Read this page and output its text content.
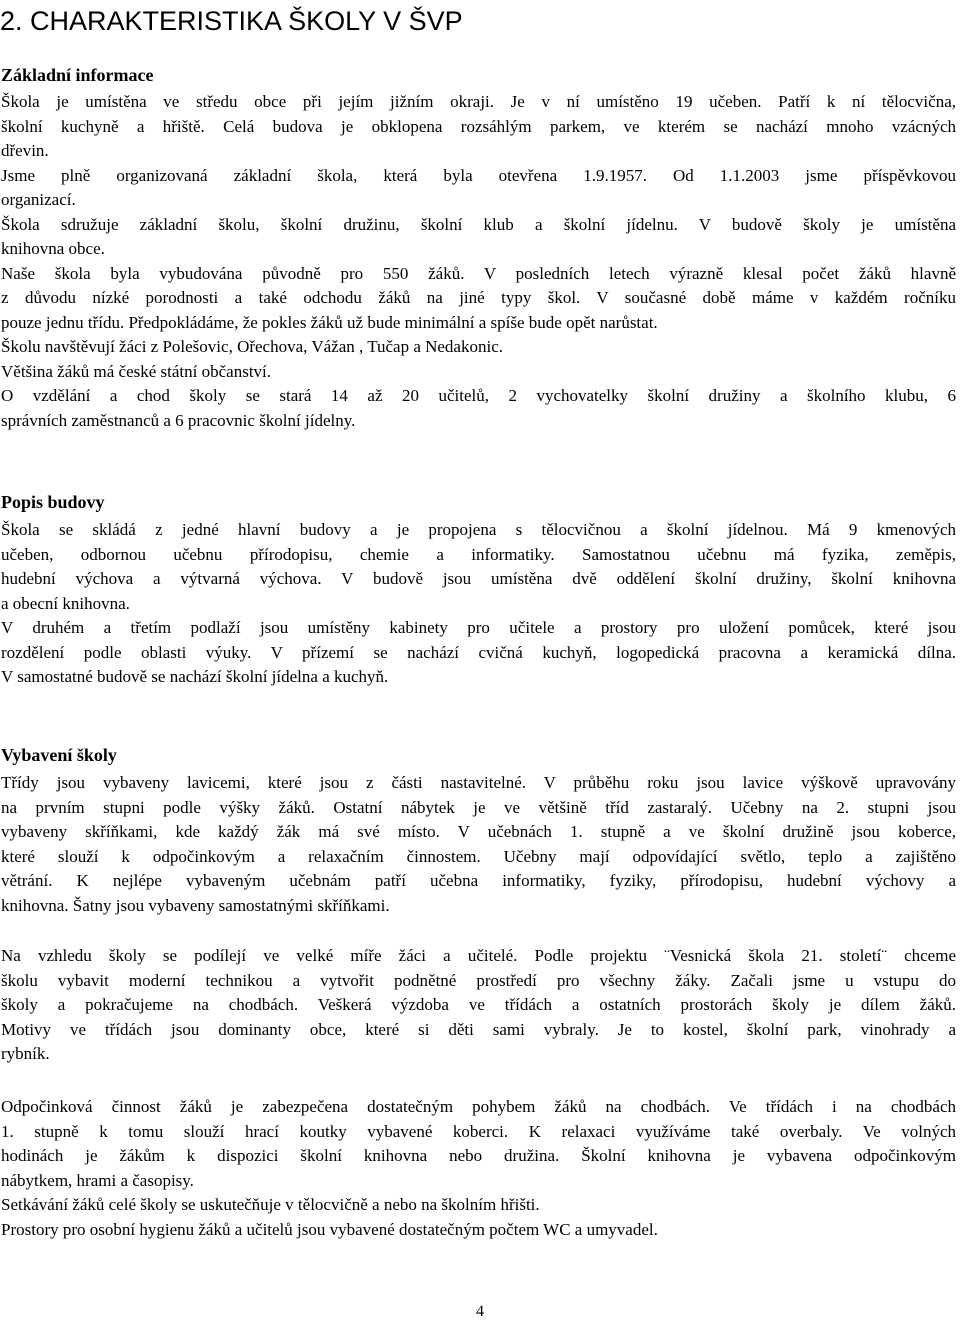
2. CHARAKTERISTIKA ŠKOLY V ŠVP
Základní informace
Škola je umístěna ve středu obce při jejím jižním okraji. Je v ní umístěno 19 učeben. Patří k ní tělocvična,
školní kuchyně a hřiště. Celá budova je obklopena rozsáhlým parkem, ve kterém se nachází mnoho vzácných
dřevin.
Jsme plně organizovaná základní škola, která byla otevřena 1.9.1957. Od 1.1.2003 jsme příspěvkovou
organizací.
Škola sdružuje základní školu, školní družinu, školní klub a školní jídelnu. V budově školy je umístěna
knihovna obce.
Naše škola byla vybudována původně pro 550 žáků. V posledních letech výrazně klesal počet žáků hlavně
z důvodu nízké porodnosti a také odchodu žáků na jiné typy škol. V současné době máme v každém ročníku
pouze jednu třídu. Předpokládáme, že pokles žáků už bude minimální a spíše bude opět narůstat.
Školu navštěvují žáci z Polešovic, Ořechova, Vážan , Tučap a Nedakonic.
Většina žáků má české státní občanství.
O vzdělání a chod školy se stará 14 až 20 učitelů, 2 vychovatelky školní družiny a školního klubu, 6
správních zaměstnanců a 6 pracovnic školní jídelny.
Popis budovy
Škola se skládá z jedné hlavní budovy a je propojena s tělocvičnou a školní jídelnou. Má 9 kmenových
učeben, odbornou učebnu přírodopisu, chemie a informatiky. Samostatnou učebnu má fyzika, zeměpis,
hudební výchova a výtvarná výchova. V budově jsou umístěna dvě oddělení školní družiny, školní knihovna
a obecní knihovna.
V druhém a třetím podlaží jsou umístěny kabinety pro učitele a prostory pro uložení pomůcek, které jsou
rozdělení podle oblasti výuky. V přízemí se nachází cvičná kuchyň, logopedická pracovna a keramická dílna.
V samostatné budově se nachází školní jídelna a kuchyň.
Vybavení školy
Třídy jsou vybaveny lavicemi, které jsou z části nastavitelné. V průběhu roku jsou lavice výškově upravovány
na prvním stupni podle výšky žáků. Ostatní nábytek je ve většině tříd zastaralý. Učebny na 2. stupni jsou
vybaveny skříňkami, kde každý žák má své místo. V učebnách 1. stupně a ve školní družině jsou koberce,
které slouží k odpočinkovým a relaxačním činnostem. Učebny mají odpovídající světlo, teplo a zajištěno
větrání. K nejlépe vybaveným učebnám patří učebna informatiky, fyziky, přírodopisu, hudební výchovy a
knihovna. Šatny jsou vybaveny samostatnými skříňkami.
Na vzhledu školy se podílejí ve velké míře žáci a učitelé. Podle projektu ¨Vesnická škola 21. století¨ chceme
školu vybavit moderní technikou a vytvořit podnětné prostředí pro všechny žáky. Začali jsme u vstupu do
školy a pokračujeme na chodbách. Veškerá výzdoba ve třídách a ostatních prostorách školy je dílem žáků.
Motivy ve třídách jsou dominanty obce, které si děti sami vybraly. Je to kostel, školní park, vinohrady a
rybník.
Odpočinková činnost žáků je zabezpečena dostatečným pohybem žáků na chodbách. Ve třídách i na chodbách
1. stupně k tomu slouží hrací koutky vybavené koberci. K relaxaci využíváme také overbaly. Ve volných
hodinách je žákům k dispozici školní knihovna nebo družina. Školní knihovna je vybavena odpočinkovým
nábytkem, hrami a časopisy.
Setkávání žáků celé školy se uskutečňuje v tělocvičně a nebo na školním hřišti.
Prostory pro osobní hygienu žáků a učitelů jsou vybavené dostatečným počtem WC a umyvadel.
4
